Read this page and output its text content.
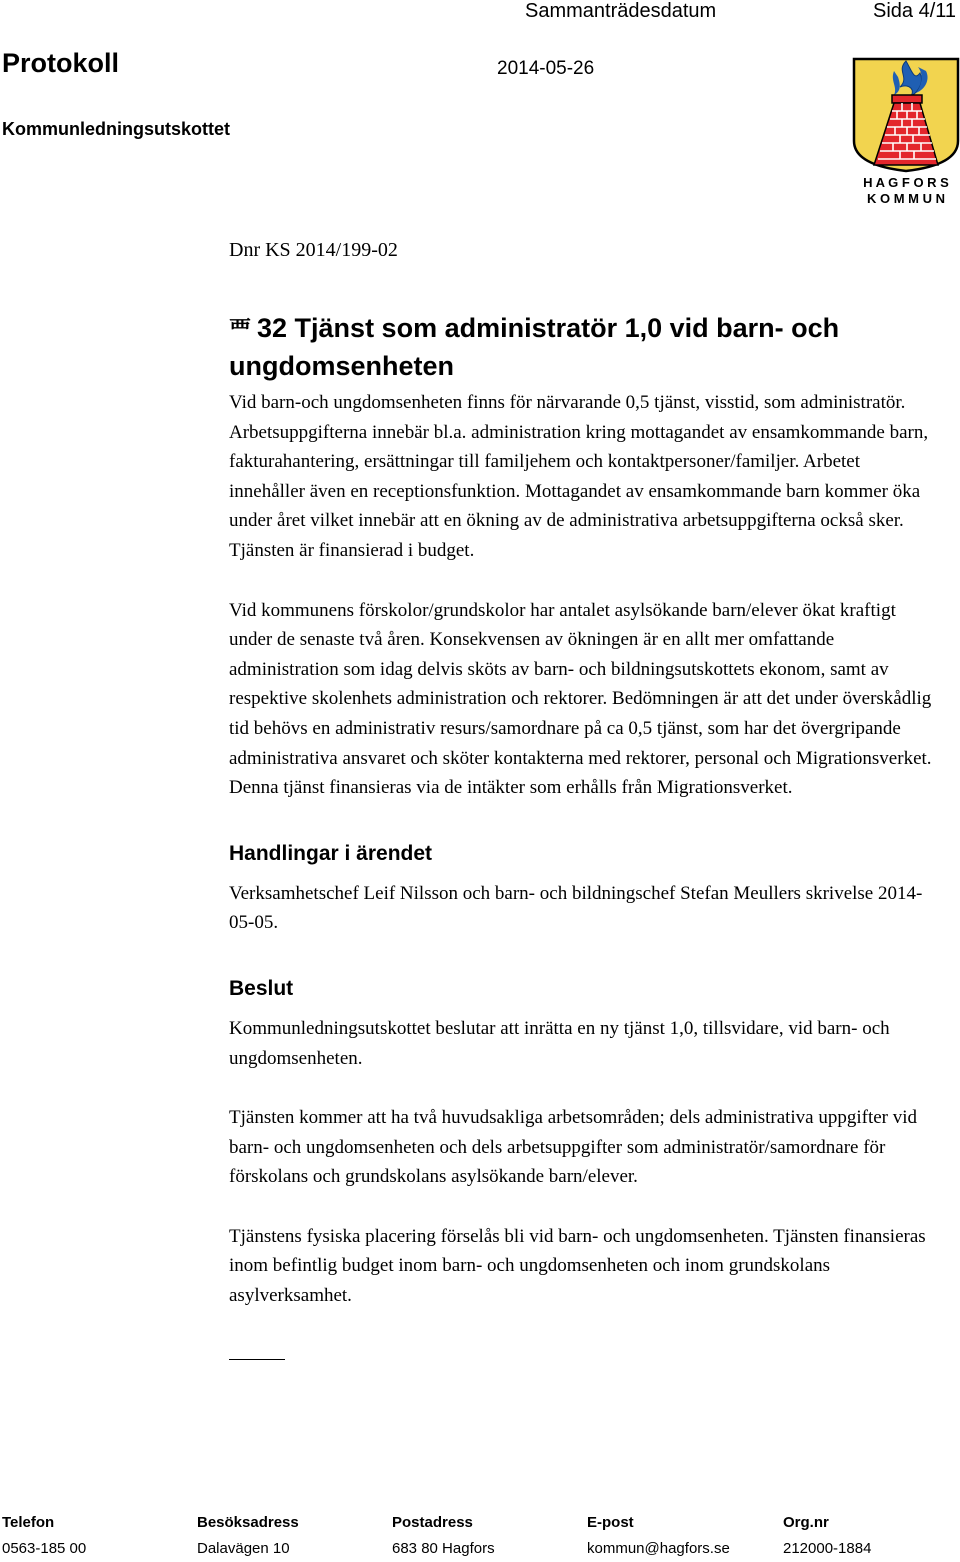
Sammanträdesdatum	Sida 4/11
Protokoll	2014-05-26
Kommunledningsutskottet
H A G F O R S
K O M M U N
Dnr KS 2014/199-02
⻃ 32 Tjänst som administratör 1,0 vid barn- och
ungdomsenheten

Vid barn-och ungdomsenheten finns för närvarande 0,5 tjänst, visstid, som administratör. Arbetsuppgifterna innebär bl.a. administration kring mottagandet av ensamkommande barn, fakturahantering, ersättningar till familjehem och kontaktpersoner/familjer. Arbetet innehåller även en receptionsfunktion. Mottagandet av ensamkommande barn kommer öka under året vilket innebär att en ökning av de administrativa arbetsuppgifterna också sker. Tjänsten är finansierad i budget.

Vid kommunens förskolor/grundskolor har antalet asylsökande barn/elever ökat kraftigt under de senaste två åren. Konsekvensen av ökningen är en allt mer omfattande administration som idag delvis sköts av barn- och bildningsutskottets ekonom, samt av respektive skolenhets administration och rektorer. Bedömningen är att det under överskådlig tid behövs en administrativ resurs/samordnare på ca 0,5 tjänst, som har det övergripande administrativa ansvaret och sköter kontakterna med rektorer, personal och Migrationsverket. Denna tjänst finansieras via de intäkter som erhålls från Migrationsverket.

Handlingar i ärendet

Verksamhetschef Leif Nilsson och barn- och bildningschef Stefan Meullers skrivelse 2014-05-05.

Beslut

Kommunledningsutskottet beslutar att inrätta en ny tjänst 1,0, tillsvidare, vid barn- och ungdomsenheten.

Tjänsten kommer att ha två huvudsakliga arbetsområden; dels administrativa uppgifter vid barn- och ungdomsenheten och dels arbetsuppgifter som administratör/samordnare för förskolans och grundskolans asylsökande barn/elever.

Tjänstens fysiska placering förselås bli vid barn- och ungdomsenheten. Tjänsten finansieras inom befintlig budget inom barn- och ungdomsenheten och inom grundskolans asylverksamhet.

Telefon
0563-185 00
Besöksadress
Dalavägen 10
Postadress
683 80 Hagfors
E-post
kommun@hagfors.se
Org.nr
212000-1884
